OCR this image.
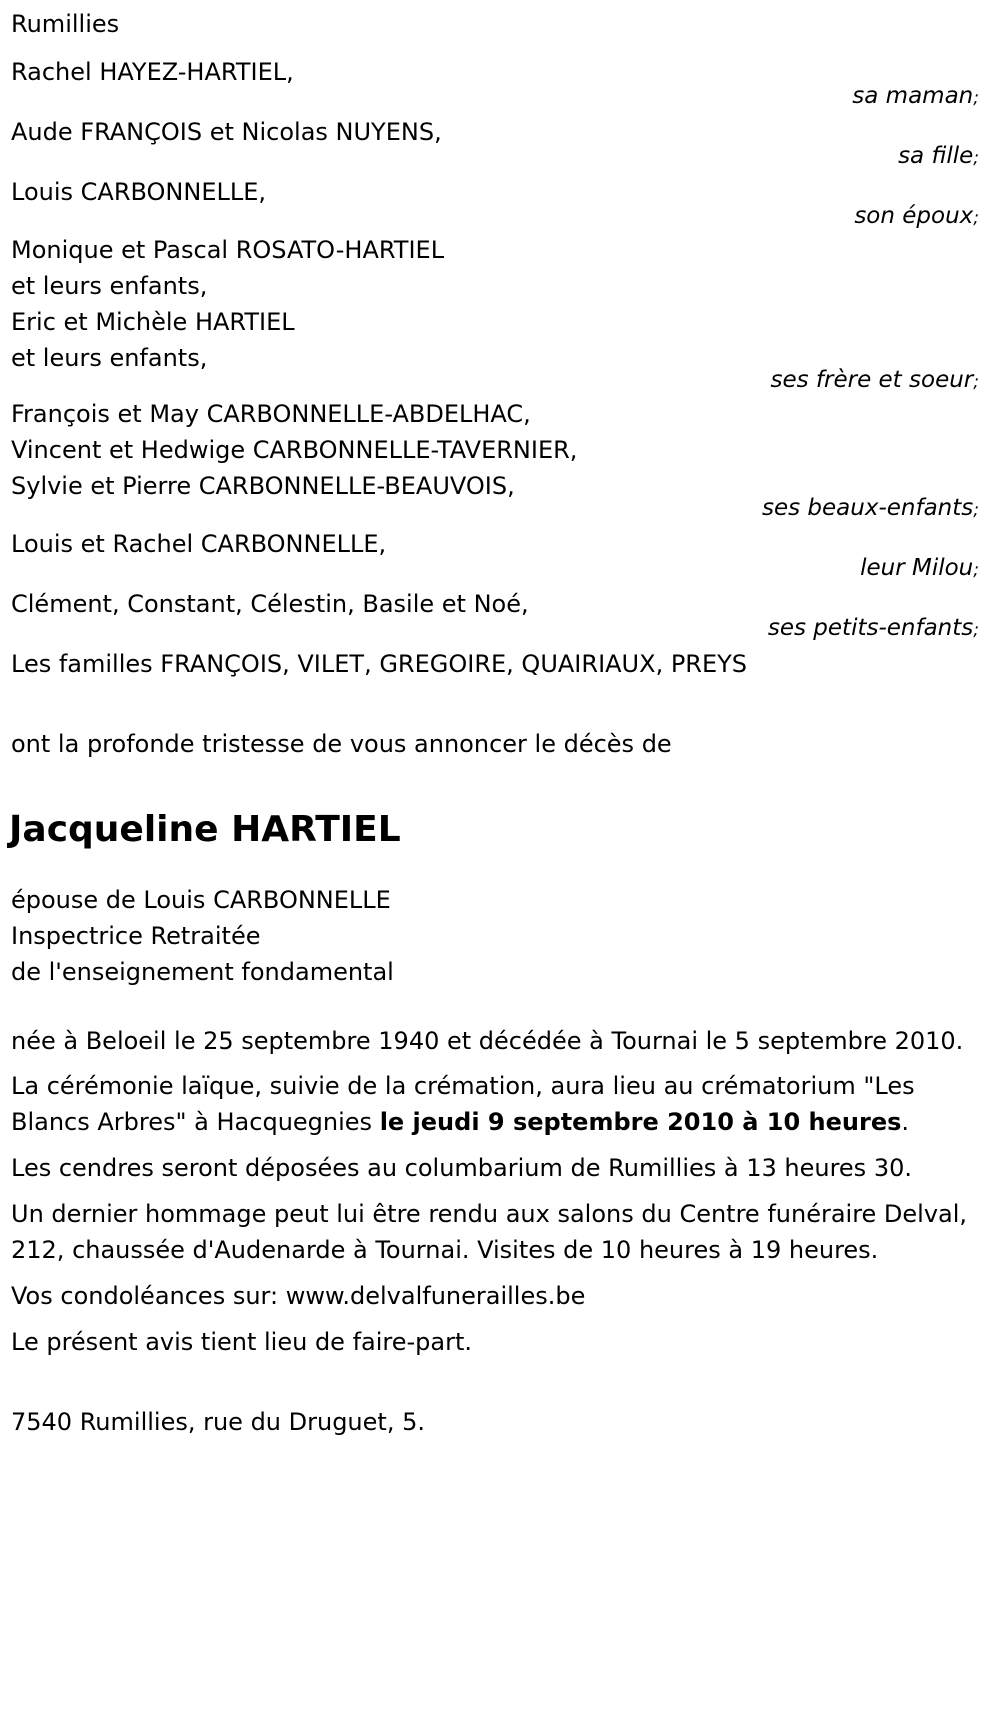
Rumillies

Rachel HAYEZ-HARTIEL,

sa maman;

Aude FRANÇOIS et Nicolas NUYENS,

sa fille;

Louis CARBONNELLE,

son époux;

Monique et Pascal ROSATO-HARTIEL

et leurs enfants,

Eric et Michèle HARTIEL

et leurs enfants,

ses frère et soeur;

François et May CARBONNELLE-ABDELHAC,

Vincent et Hedwige CARBONNELLE-TAVERNIER,

Sylvie et Pierre CARBONNELLE-BEAUVOIS,

ses beaux-enfants;

Louis et Rachel CARBONNELLE,

leur Milou;

Clément, Constant, Célestin, Basile et Noé,

ses petits-enfants;

Les familles FRANÇOIS, VILET, GREGOIRE, QUAIRIAUX, PREYS

ont la profonde tristesse de vous annoncer le décès de

Jacqueline HARTIEL

épouse de Louis CARBONNELLE

Inspectrice Retraitée

de l'enseignement fondamental

née à Beloeil le 25 septembre 1940 et décédée à Tournai le 5 septembre 2010.

La cérémonie laïque, suivie de la crémation, aura lieu au crématorium "Les Blancs Arbres" à Hacquegnies le jeudi 9 septembre 2010 à 10 heures.

Les cendres seront déposées au columbarium de Rumillies à 13 heures 30.

Un dernier hommage peut lui être rendu aux salons du Centre funéraire Delval, 212, chaussée d'Audenarde à Tournai. Visites de 10 heures à 19 heures.

Vos condoléances sur: www.delvalfunerailles.be

Le présent avis tient lieu de faire-part.

7540 Rumillies, rue du Druguet, 5.
